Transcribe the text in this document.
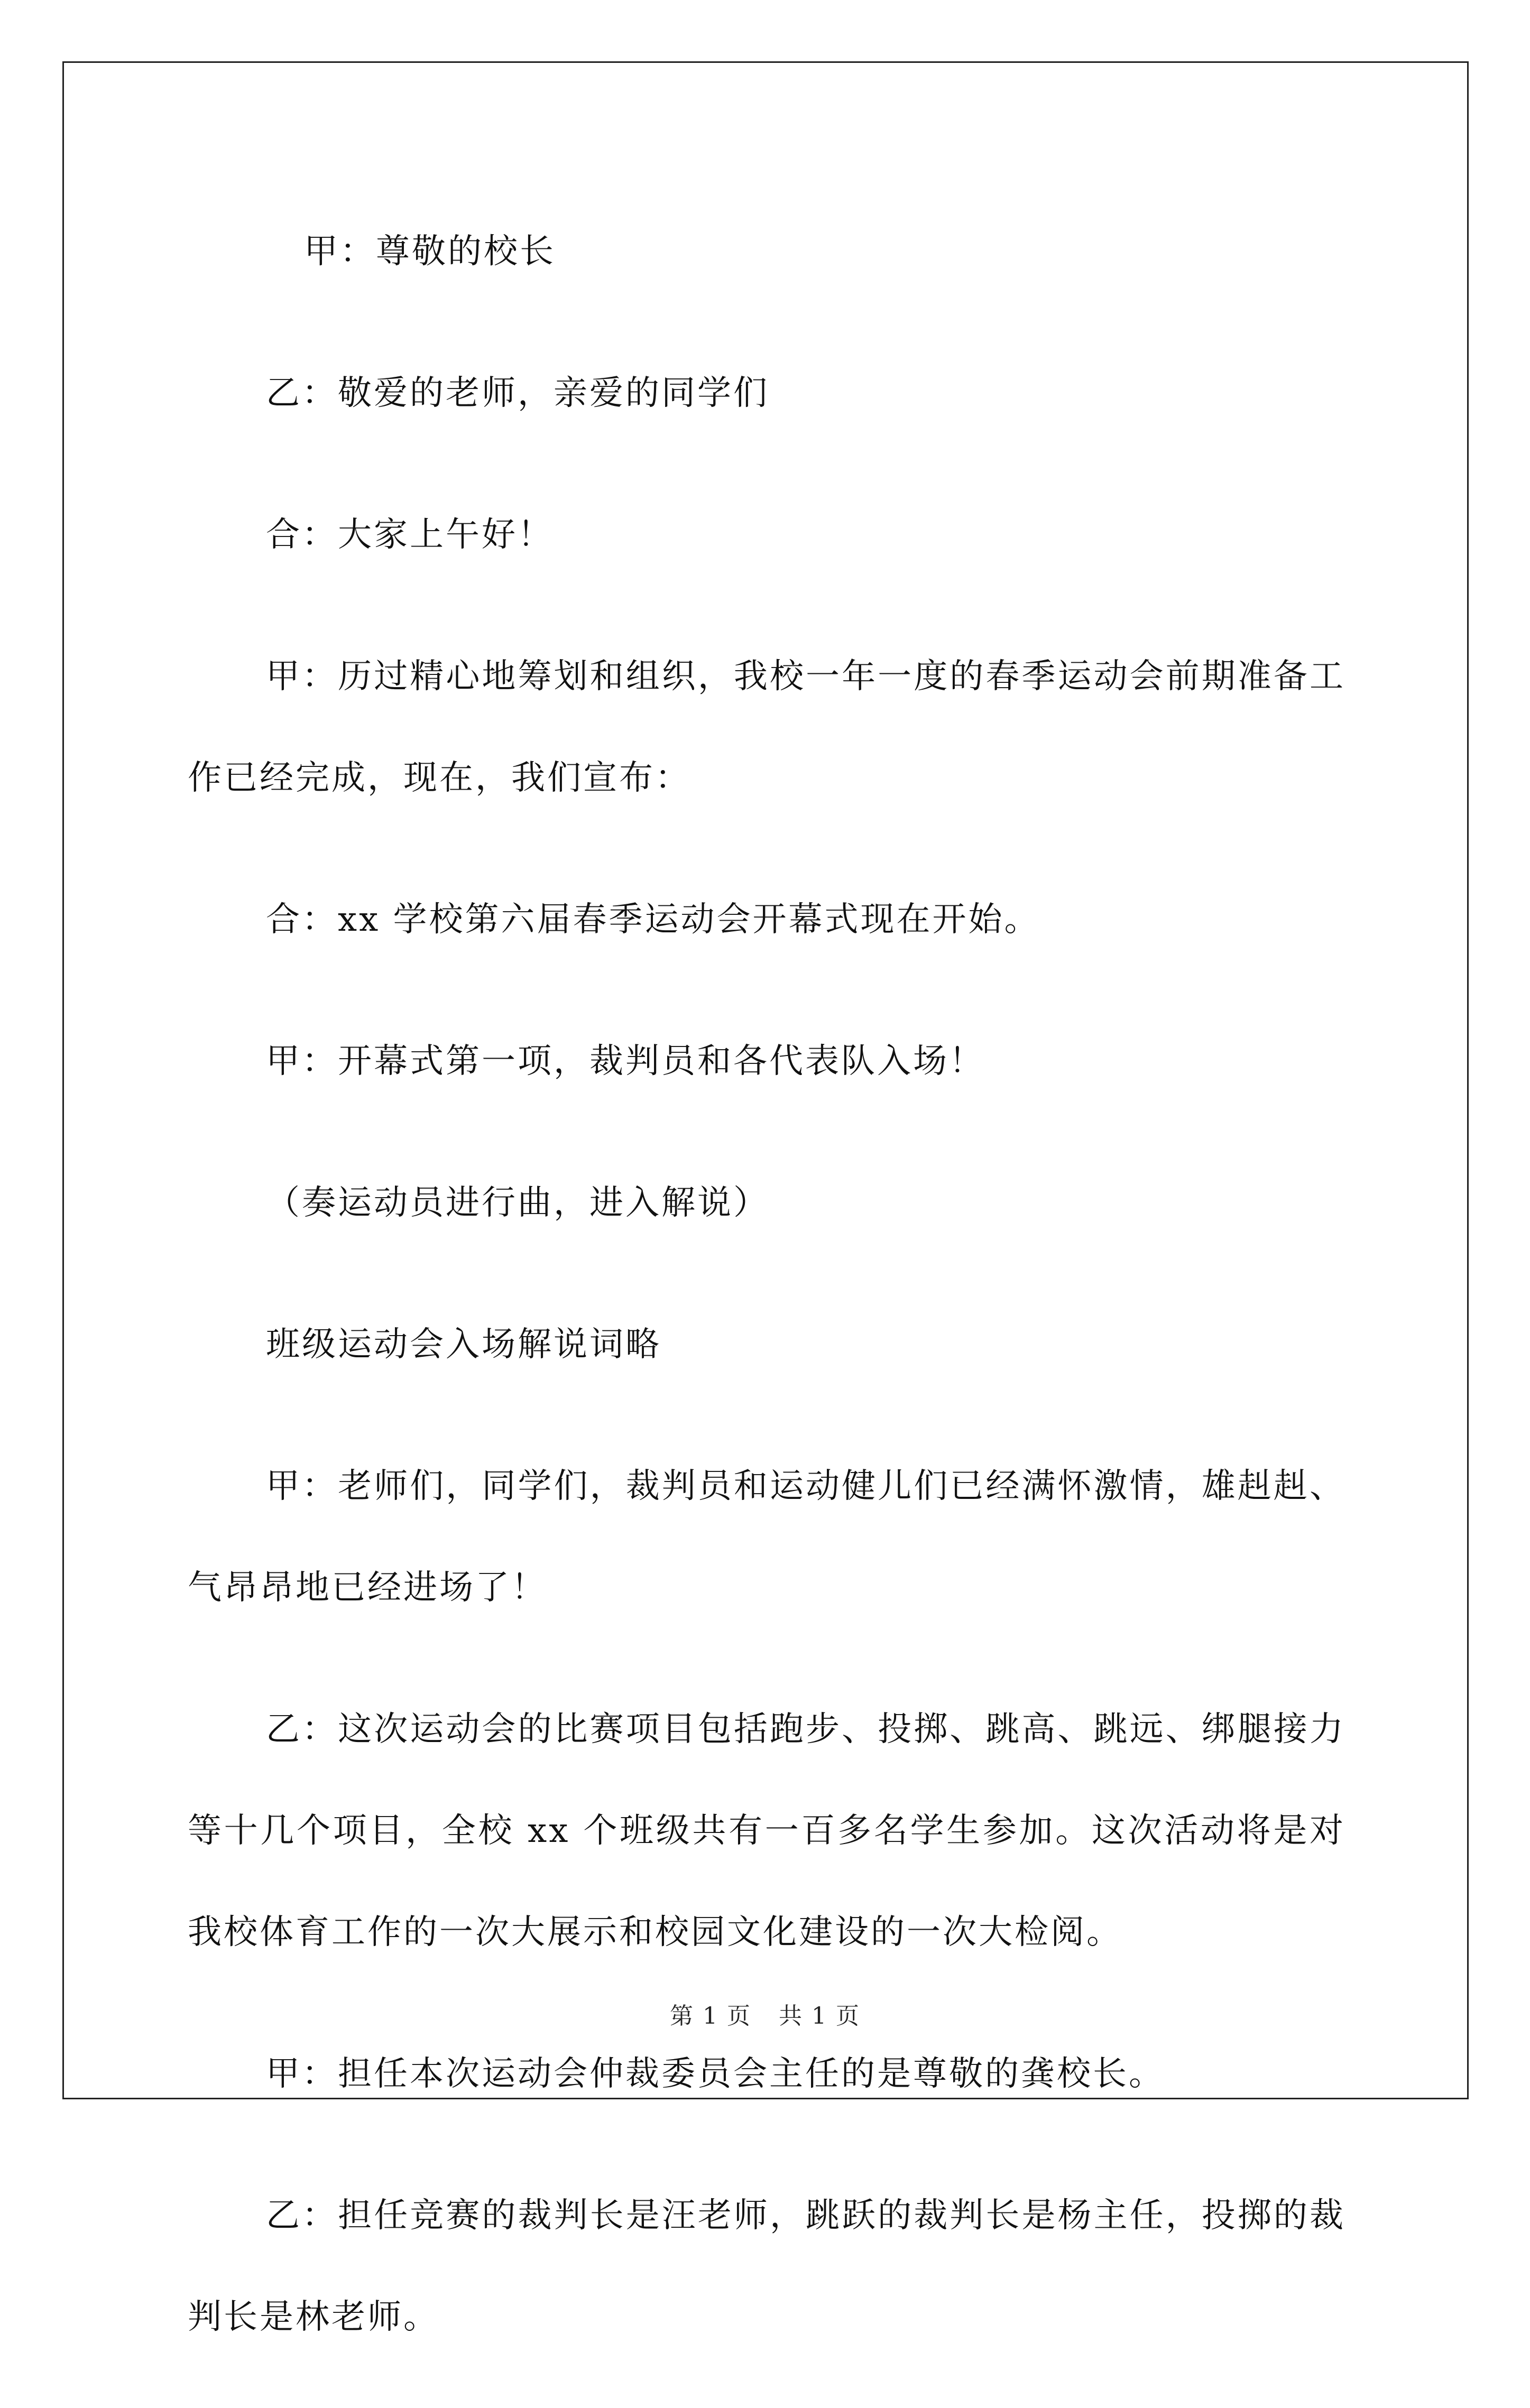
甲：尊敬的校长

乙：敬爱的老师，亲爱的同学们

合：大家上午好！

甲：历过精心地筹划和组织，我校一年一度的春季运动会前期准备工作已经完成，现在，我们宣布：

合：xx 学校第六届春季运动会开幕式现在开始。

甲：开幕式第一项，裁判员和各代表队入场！

（奏运动员进行曲，进入解说）

班级运动会入场解说词略

甲：老师们，同学们，裁判员和运动健儿们已经满怀激情，雄赳赳、气昂昂地已经进场了！

乙：这次运动会的比赛项目包括跑步、投掷、跳高、跳远、绑腿接力等十几个项目，全校 xx 个班级共有一百多名学生参加。这次活动将是对我校体育工作的一次大展示和校园文化建设的一次大检阅。

甲：担任本次运动会仲裁委员会主任的是尊敬的龚校长。

乙：担任竞赛的裁判长是汪老师，跳跃的裁判长是杨主任，投掷的裁判长是林老师。

第 1 页 共 1 页
